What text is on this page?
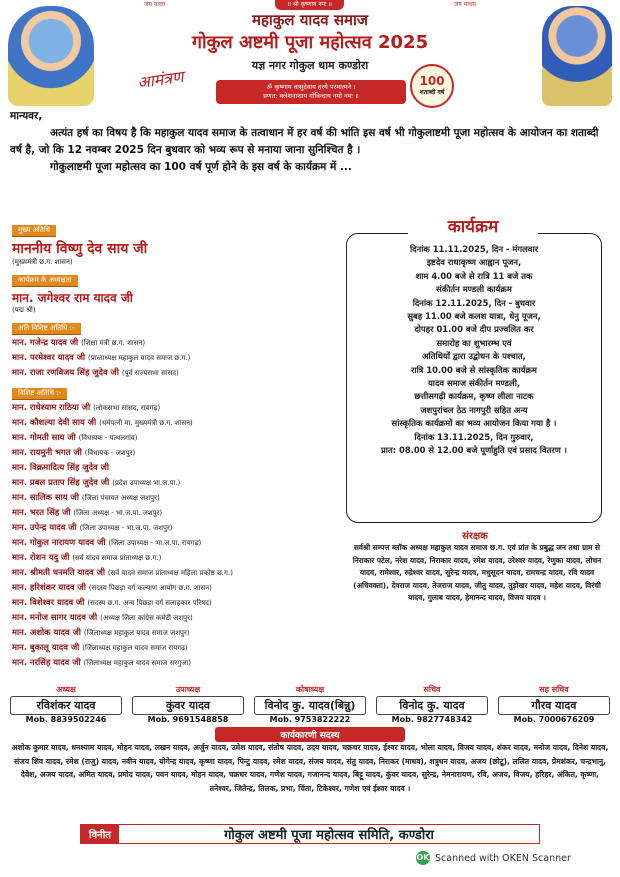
जय यादव	॥ श्री कृष्णाय नमः ॥	जय माधव
महाकुल यादव समाज
गोकुल अष्टमी पूजा महोत्सव 2025
यज्ञ नगर गोकुल धाम कण्डोरा
आमंत्रण	ॐ कृष्णाय वासुदेवाय हरये परमात्मने ।
प्रणत: क्लेशनाशाय गोविन्दाय नमो नमः ॥
100
शताब्दी वर्ष
मान्यवर,
अत्यंत हर्ष का विषय है कि महाकुल यादव समाज के तत्वाधान में हर वर्ष की भांति इस वर्ष भी गोकुलाष्टमी पूजा महोत्सव के आयोजन का शताब्दी वर्ष है, जो कि 12 नवम्बर 2025 दिन बुधवार को भव्य रूप से मनाया जाना सुनिश्चित है ।
गोकुलाष्टमी पूजा महोत्सव का 100 वर्ष पूर्ण होने के इस वर्ष के कार्यक्रम में ...
मुख्य अतिथि
माननीय विष्णु देव साय जी
(मुख्यमंत्री छ.ग. शासन)
कार्यक्रम के अध्यक्षता
मान. जगेश्वर राम यादव जी
(पद्म श्री)
अति विशिष्ट अतिथि :-
मान. गजेन्द्र यादव जी (शिक्षा मंत्री छ.ग. शासन)
मान. परमेश्वर यादव जी (प्रान्ताध्यक्ष महाकुल यादव समाज छ.ग.)
मान. राजा रणविजय सिंह जुदेव जी (पूर्व राज्यसभा सांसद)
विशिष्ट अतिथि :-
मान. राधेश्याम राठिया जी (लोकसभा सांसद, रायगढ़)
मान. कौशल्या देवी साय जी (धर्मपत्नी मा. मुख्यमंत्री छ.ग. शासन)
मान. गोमती साय जी (विधायक - पत्थलगांव)
मान. रायमुनी भगत जी (विधायक - जशपुर)
मान. विक्रमादित्य सिंह जुदेव जी
मान. प्रबल प्रताप सिंह जुदेव जी (प्रदेश उपाध्यक्ष भा.ज.पा.)
मान. सालिक साय जी (जिला पंचायत अध्यक्ष जशपुर)
मान. भरत सिंह जी (जिला अध्यक्ष - भा.ज.पा. जशपुर)
मान. उपेन्द्र यादव जी (जिला उपाध्यक्ष - भा.ज.पा. जशपुर)
मान. गोकुल नारायण यादव जी (जिला उपाध्यक्ष - भा.ज.पा. रायगढ़)
मान. रोशन यदु जी (सर्व यादव समाज प्रांताध्यक्ष छ.ग.)
मान. श्रीमती धनमति यादव जी (सर्व यादव समाज प्रांताध्यक्ष महिला प्रकोष्ठ छ.ग.)
मान. हरिशंकर यादव जी (सदस्य पिछड़ा वर्ग कल्याण आयोग छ.ग. शासन)
मान. विशेश्वर यादव जी (सदस्य छ.ग. अन्य पिछड़ा वर्ग सलाहकार परिषद)
मान. मनोज सागर यादव जी (अध्यक्ष जिला कांग्रेस कमेटी जशपुर)
मान. अशोक यादव जी (जिलाध्यक्ष महाकुल यादव समाज जशपुर)
मान. बुकालू यादव जी (जिलाध्यक्ष महाकुल यादव समाज रायगढ़)
मान. नरसिंह यादव जी (जिलाध्यक्ष महाकुल यादव समाज सरगुजा)
कार्यक्रम
दिनांक 11.11.2025, दिन - मंगलवार
इष्टदेव राधाकृष्ण आह्वान पूजन,
शाम 4.00 बजे से रात्रि 11 बजे तक
संकीर्तन मण्डली कार्यक्रम
दिनांक 12.11.2025, दिन - बुधवार
सुबह 11.00 बजे कलश यात्रा, धेनु पूजन,
दोपहर 01.00 बजे दीप प्रज्वलित कर
समारोह का शुभारम्भ एवं
अतिथियों द्वारा उद्बोधन के पश्चात,
रात्रि 10.00 बजे से सांस्कृतिक कार्यक्रम
यादव समाज संकीर्तन मण्डली,
छत्तीसगढ़ी कार्यक्रम, कृष्ण लीला नाटक
जशपुरांचल ठेठ नागपुरी सहित अन्य
सांस्कृतिक कार्यक्रमों का भव्य आयोजन किया गया है ।
दिनांक 13.11.2025, दिन गुरुवार,
प्रात: 08.00 से 12.00 बजे पूर्णाहुति एवं प्रसाद वितरण ।
संरक्षक
सर्वश्री सम्पत्त ब्लॉक अध्यक्ष महाकुल यादव समाज छ.ग. एवं प्रांत के प्रबुद्ध जन तथा ग्राम से निराकार पटेल, नरेश यादव, निराकार यादव, रमेश यादव, उरेश्वर यादव, रेणुका यादव, लोचन यादव, रामेश्वर, रुद्रेश्वर यादव, सुरेन्द्र यादव, मधुसूदन यादव, रामचन्द्र यादव, रवि यादव (अधिवक्ता), देवराज यादव, तेजराज यादव, जीतु यादव, तुड़ोखर यादव, महेश यादव, विरंची यादव, गुलाब यादव, हेमानन्द यादव, विजय यादव ।
अध्यक्ष
रविशंकर यादव
Mob. 8839502246
उपाध्यक्ष
कुंवर यादव
Mob. 9691548858
कोषाध्यक्ष
विनोद कु. यादव(बिन्नु)
Mob. 9753822222
सचिव
विनोद कु. यादव
Mob. 9827748342
सह सचिव
गौरव यादव
Mob. 7000676209
कार्यकारणी सदस्य
अशोक कुमार यादव, धनश्याम यादव, मोहन यादव, लखन यादव, अर्जुन यादव, उमेश यादव, संतोष यादव, उदय यादव, चक्रधर यादव, ईश्वर यादव, भोला यादव, विजय यादव, शंकर यादव, मनोज यादव, दिनेश यादव, संजय शिव यादव, रमेश (राजु) यादव, नवीन यादव, योगेन्द्र यादव, कृष्णा यादव, पिन्टु यादव, रमेश यादव, संजय यादव, संतु यादव, निराकर (माधव), शत्रुधन यादव, अजय (छोटू), ललित यादव, प्रेमशंकर, चन्द्रभानु, देवेश, अजय यादव, अमित यादव, प्रमोद यादव, पवन यादव, मोहन यादव, चक्रधर यादव, गणेश यादव, गजानन्द यादव, बिट्टू यादव, कुंवर यादव, सुरेन्द्र, नेमनारायण, रवि, अजय, विजय, हरिहर, अंकित, कृष्णा, तनेश्वर, जितेन्द्र, तिलक, प्रभा, चिंता, टिकेश्वर, गणेश एवं ईश्वर यादव ।
विनीत	गोकुल अष्टमी पूजा महोत्सव समिति, कण्डोरा
OK Scanned with OKEN Scanner
